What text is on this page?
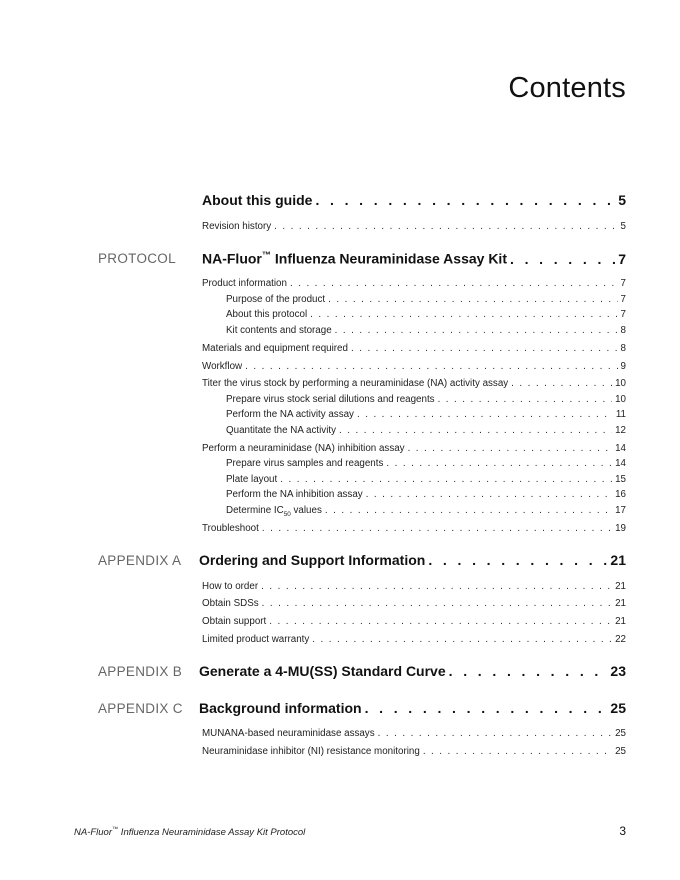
Contents
About this guide . . .	5
Revision history . . .	5
PROTOCOL NA-Fluor™ Influenza Neuraminidase Assay Kit . . .	7
Product information . . .	7
Purpose of the product . . .	7
About this protocol . . .	7
Kit contents and storage . . .	8
Materials and equipment required . . .	8
Workflow . . .	9
Titer the virus stock by performing a neuraminidase (NA) activity assay . . .	10
Prepare virus stock serial dilutions and reagents . . .	10
Perform the NA activity assay . . .	11
Quantitate the NA activity . . .	12
Perform a neuraminidase (NA) inhibition assay . . .	14
Prepare virus samples and reagents . . .	14
Plate layout . . .	15
Perform the NA inhibition assay . . .	16
Determine $IC_{50}$ values . . .	17
Troubleshoot . . .	19
APPENDIX A Ordering and Support Information . . .	21
How to order . . .	21
Obtain SDSs . . .	21
Obtain support . . .	21
Limited product warranty . . .	22
APPENDIX B Generate a 4-MU(SS) Standard Curve . . .	23
APPENDIX C Background information . . .	25
MUNANA-based neuraminidase assays . . .	25
Neuraminidase inhibitor (NI) resistance monitoring . . .	25
NA-Fluor™ Influenza Neuraminidase Assay Kit Protocol	3
